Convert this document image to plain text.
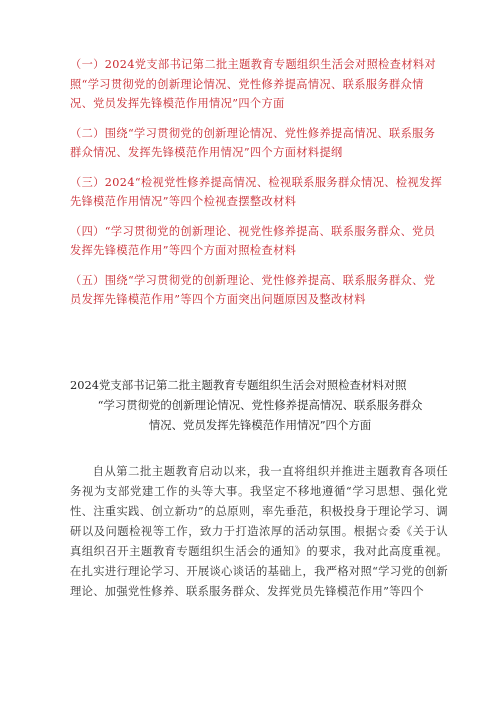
（一）2024党支部书记第二批主题教育专题组织生活会对照检查材料对照“学习贯彻党的创新理论情况、党性修养提高情况、联系服务群众情况、党员发挥先锋模范作用情况”四个方面
（二）围绕“学习贯彻党的创新理论情况、党性修养提高情况、联系服务群众情况、发挥先锋模范作用情况”四个方面材料提纲
（三）2024“检视党性修养提高情况、检视联系服务群众情况、检视发挥先锋模范作用情况”等四个检视查摆整改材料
（四）“学习贯彻党的创新理论、视党性修养提高、联系服务群众、党员发挥先锋模范作用”等四个方面对照检查材料
（五）围绕“学习贯彻党的创新理论、党性修养提高、联系服务群众、党员发挥先锋模范作用”等四个方面突出问题原因及整改材料
2024党支部书记第二批主题教育专题组织生活会对照检查材料对照
“学习贯彻党的创新理论情况、党性修养提高情况、联系服务群众
情况、党员发挥先锋模范作用情况”四个方面
自从第二批主题教育启动以来，我一直将组织并推进主题教育各项任务视为支部党建工作的头等大事。我坚定不移地遵循“学习思想、强化党性、注重实践、创立新功”的总原则，率先垂范，积极投身于理论学习、调研以及问题检视等工作，致力于打造浓厚的活动氛围。根据☆委《关于认真组织召开主题教育专题组织生活会的通知》的要求，我对此高度重视。在扎实进行理论学习、开展谈心谈话的基础上，我严格对照“学习党的创新理论、加强党性修养、联系服务群众、发挥党员先锋模范作用”等四个
